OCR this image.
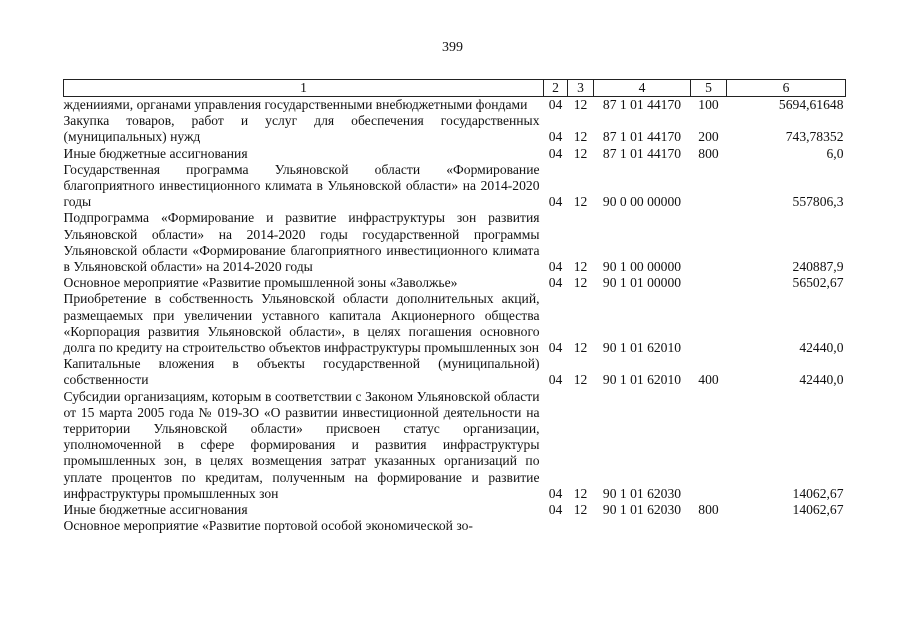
399
1	2	3	4	5	6
жденииями, органами управления государственными внебюджетными фондами	04	12	87 1 01 44170	100	5694,61648
Закупка товаров, работ и услуг для обеспечения государственных (муниципальных) нужд	04	12	87 1 01 44170	200	743,78352
Иные бюджетные ассигнования	04	12	87 1 01 44170	800	6,0
Государственная программа Ульяновской области «Формирование благоприятного инвестиционного климата в Ульяновской области» на 2014-2020 годы	04	12	90 0 00 00000		557806,3
Подпрограмма «Формирование и развитие инфраструктуры зон развития Ульяновской области» на 2014-2020 годы государственной программы Ульяновской области «Формирование благоприятного инвестиционного климата в Ульяновской области» на 2014-2020 годы	04	12	90 1 00 00000		240887,9
Основное мероприятие «Развитие промышленной зоны «Заволжье»	04	12	90 1 01 00000		56502,67
Приобретение в собственность Ульяновской области дополнительных акций, размещаемых при увеличении уставного капитала Акционерного общества «Корпорация развития Ульяновской области», в целях погашения основного долга по кредиту на строительство объектов инфраструктуры промышленных зон	04	12	90 1 01 62010		42440,0
Капитальные вложения в объекты государственной (муниципальной) собственности	04	12	90 1 01 62010	400	42440,0
Субсидии организациям, которым в соответствии с Законом Ульяновской области от 15 марта 2005 года № 019-ЗО «О развитии инвестиционной деятельности на территории Ульяновской области» присвоен статус организации, уполномоченной в сфере формирования и развития инфраструктуры промышленных зон, в целях возмещения затрат указанных организаций по уплате процентов по кредитам, полученным на формирование и развитие инфраструктуры промышленных зон	04	12	90 1 01 62030		14062,67
Иные бюджетные ассигнования	04	12	90 1 01 62030	800	14062,67
Основное мероприятие «Развитие портовой особой экономической зо-					
